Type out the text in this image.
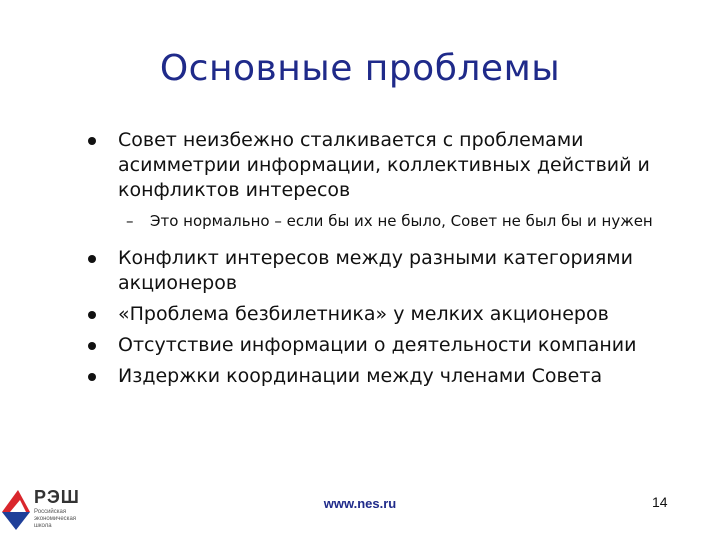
Основные проблемы
Совет неизбежно сталкивается с проблемами асимметрии информации, коллективных действий и конфликтов интересов
– Это нормально – если бы их не было, Совет не был бы и нужен
Конфликт интересов между разными категориями акционеров
«Проблема безбилетника» у мелких акционеров
Отсутствие информации о деятельности компании
Издержки координации между членами Совета
РЭШ
Российская экономическая школа
www.nes.ru	14
